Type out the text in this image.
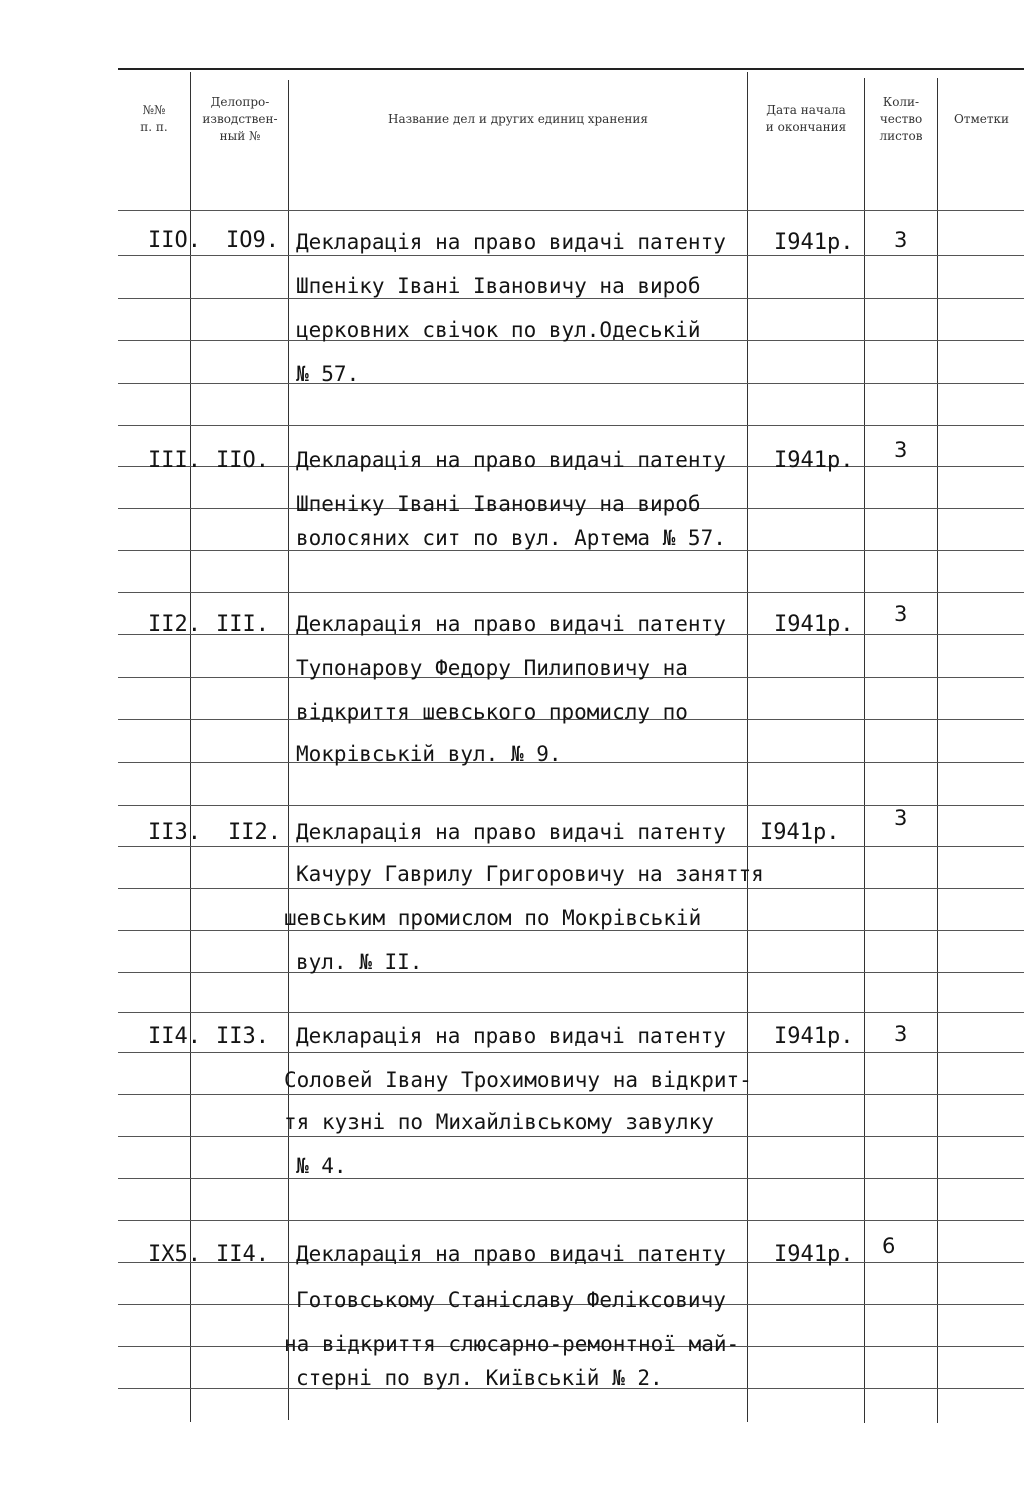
№№
п. п.
Делопро-
изводствен-
ный №
Название дел и других единиц хранения
Дата начала
и окончания
Коли-
чество
листов
Отметки
IIO. IO9. Декларація на право видачі патенту
Шпеніку Івані Івановичу на вироб
церковних свічок по вул.Одеській
№ 57.
I941р. 3
III. IIO. Декларація на право видачі патенту
Шпеніку Івані Івановичу на вироб
волосяних сит по вул. Артема № 57.
I941р. 3
II2. III. Декларація на право видачі патенту
Тупонарову Федору Пилиповичу на
відкриття шевського промислу по
Мокрівській вул. № 9.
I941р. 3
II3. II2. Декларація на право видачі патенту
Качуру Гаврилу Григоровичу на заняття
шевським промислом по Мокрівській
вул. № II.
I941р.
3
II4. II3. Декларація на право видачі патенту
Соловей Івану Трохимовичу на відкрит-
тя кузні по Михайлівському завулку
№ 4.
I941р. 3
IX5. II4. Декларація на право видачі патенту
Готовському Станіславу Феліксовичу
на відкриття слюсарно-ремонтної май-
стерні по вул. Київській № 2.
I941р. 6
